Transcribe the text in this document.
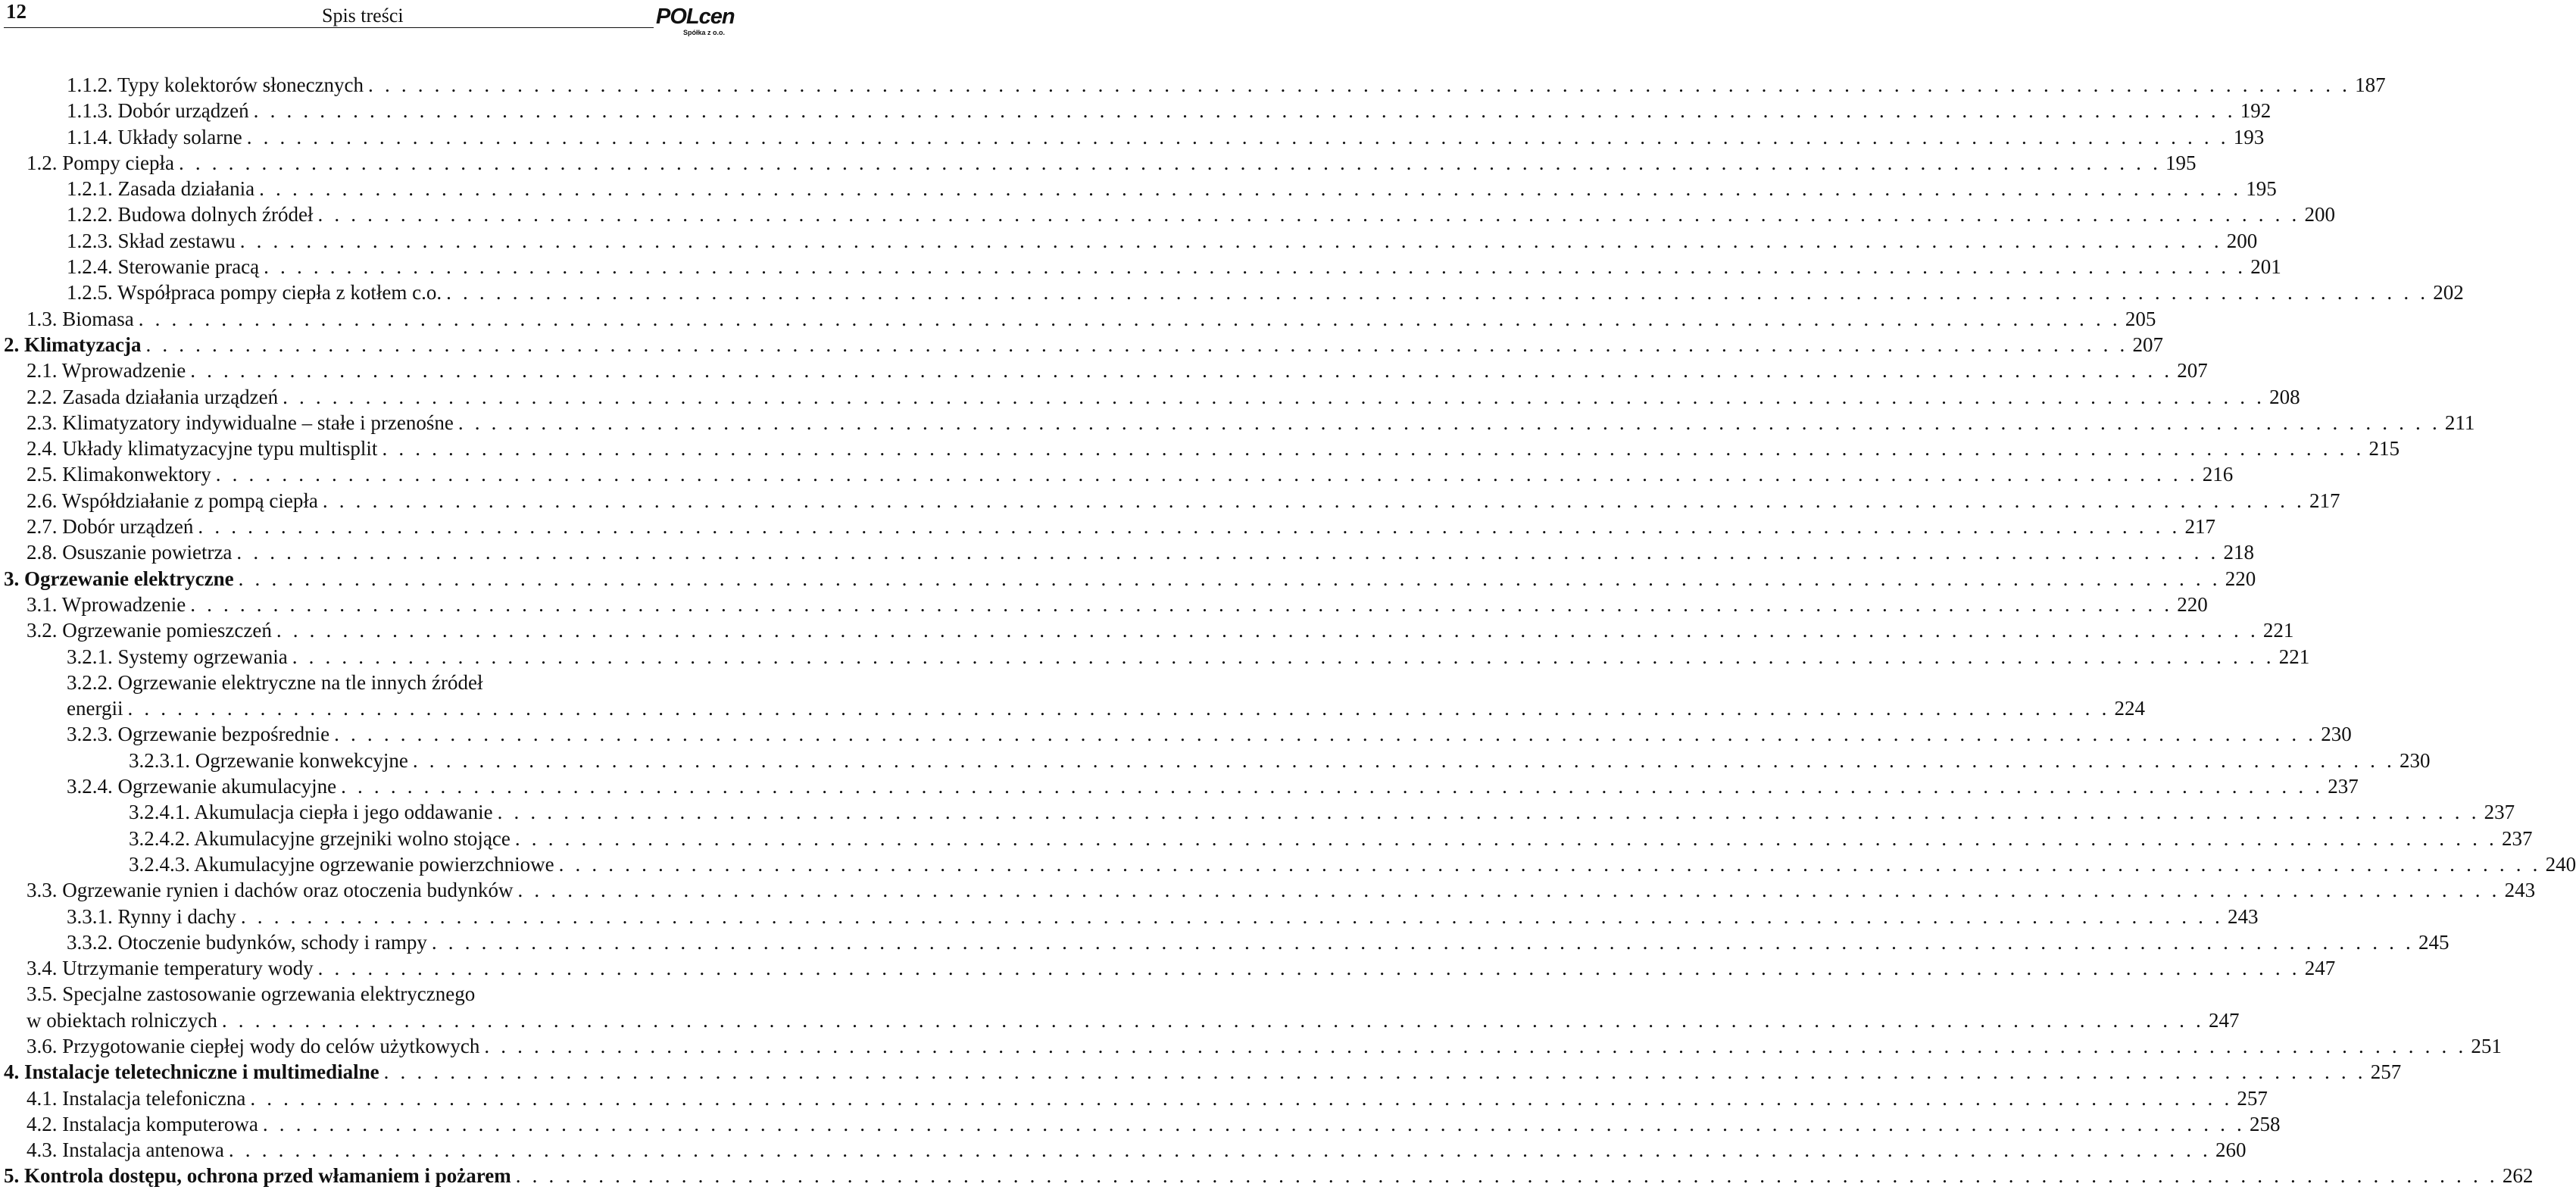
12	Spis treści	POLcen
Spółka z o.o.
1.1.2. Typy kolektorów słonecznych . . . . . . . . . . . . . . . . . . . . . . . . . . . . . . . . . . . . . . . . . . . . . . . . . . . . . . . . . . . . . . . . . . . . . . . . . . . . . . . . . . . . . . . . . . . . . . . . . . . . . . . . . . . . . . . . . . . . . . . . 187
1.1.3. Dobór urządzeń . . . . . . . . . . . . . . . . . . . . . . . . . . . . . . . . . . . . . . . . . . . . . . . . . . . . . . . . . . . . . . . . . . . . . . . . . . . . . . . . . . . . . . . . . . . . . . . . . . . . . . . . . . . . . . . . . . . . . . . . 192
1.1.4. Układy solarne . . . . . . . . . . . . . . . . . . . . . . . . . . . . . . . . . . . . . . . . . . . . . . . . . . . . . . . . . . . . . . . . . . . . . . . . . . . . . . . . . . . . . . . . . . . . . . . . . . . . . . . . . . . . . . . . . . . . . . . . 193
1.2. Pompy ciepła . . . . . . . . . . . . . . . . . . . . . . . . . . . . . . . . . . . . . . . . . . . . . . . . . . . . . . . . . . . . . . . . . . . . . . . . . . . . . . . . . . . . . . . . . . . . . . . . . . . . . . . . . . . . . . . . . . . . . . . . 195
1.2.1. Zasada działania . . . . . . . . . . . . . . . . . . . . . . . . . . . . . . . . . . . . . . . . . . . . . . . . . . . . . . . . . . . . . . . . . . . . . . . . . . . . . . . . . . . . . . . . . . . . . . . . . . . . . . . . . . . . . . . . . . . . . . . . 195
1.2.2. Budowa dolnych źródeł . . . . . . . . . . . . . . . . . . . . . . . . . . . . . . . . . . . . . . . . . . . . . . . . . . . . . . . . . . . . . . . . . . . . . . . . . . . . . . . . . . . . . . . . . . . . . . . . . . . . . . . . . . . . . . . . . . . . . . . . 200
1.2.3. Skład zestawu . . . . . . . . . . . . . . . . . . . . . . . . . . . . . . . . . . . . . . . . . . . . . . . . . . . . . . . . . . . . . . . . . . . . . . . . . . . . . . . . . . . . . . . . . . . . . . . . . . . . . . . . . . . . . . . . . . . . . . . . 200
1.2.4. Sterowanie pracą . . . . . . . . . . . . . . . . . . . . . . . . . . . . . . . . . . . . . . . . . . . . . . . . . . . . . . . . . . . . . . . . . . . . . . . . . . . . . . . . . . . . . . . . . . . . . . . . . . . . . . . . . . . . . . . . . . . . . . . . 201
1.2.5. Współpraca pompy ciepła z kotłem c.o. . . . . . . . . . . . . . . . . . . . . . . . . . . . . . . . . . . . . . . . . . . . . . . . . . . . . . . . . . . . . . . . . . . . . . . . . . . . . . . . . . . . . . . . . . . . . . . . . . . . . . . . . . . . . . . . . . . . . . . . . 202
1.3. Biomasa . . . . . . . . . . . . . . . . . . . . . . . . . . . . . . . . . . . . . . . . . . . . . . . . . . . . . . . . . . . . . . . . . . . . . . . . . . . . . . . . . . . . . . . . . . . . . . . . . . . . . . . . . . . . . . . . . . . . . . . . 205
2. Klimatyzacja . . . . . . . . . . . . . . . . . . . . . . . . . . . . . . . . . . . . . . . . . . . . . . . . . . . . . . . . . . . . . . . . . . . . . . . . . . . . . . . . . . . . . . . . . . . . . . . . . . . . . . . . . . . . . . . . . . . . . . . . 207
2.1. Wprowadzenie . . . . . . . . . . . . . . . . . . . . . . . . . . . . . . . . . . . . . . . . . . . . . . . . . . . . . . . . . . . . . . . . . . . . . . . . . . . . . . . . . . . . . . . . . . . . . . . . . . . . . . . . . . . . . . . . . . . . . . . . 207
2.2. Zasada działania urządzeń . . . . . . . . . . . . . . . . . . . . . . . . . . . . . . . . . . . . . . . . . . . . . . . . . . . . . . . . . . . . . . . . . . . . . . . . . . . . . . . . . . . . . . . . . . . . . . . . . . . . . . . . . . . . . . . . . . . . . . . . 208
2.3. Klimatyzatory indywidualne – stałe i przenośne . . . . . . . . . . . . . . . . . . . . . . . . . . . . . . . . . . . . . . . . . . . . . . . . . . . . . . . . . . . . . . . . . . . . . . . . . . . . . . . . . . . . . . . . . . . . . . . . . . . . . . . . . . . . . . . . . . . . . . . . 211
2.4. Układy klimatyzacyjne typu multisplit . . . . . . . . . . . . . . . . . . . . . . . . . . . . . . . . . . . . . . . . . . . . . . . . . . . . . . . . . . . . . . . . . . . . . . . . . . . . . . . . . . . . . . . . . . . . . . . . . . . . . . . . . . . . . . . . . . . . . . . . 215
2.5. Klimakonwektory . . . . . . . . . . . . . . . . . . . . . . . . . . . . . . . . . . . . . . . . . . . . . . . . . . . . . . . . . . . . . . . . . . . . . . . . . . . . . . . . . . . . . . . . . . . . . . . . . . . . . . . . . . . . . . . . . . . . . . . . 216
2.6. Współdziałanie z pompą ciepła . . . . . . . . . . . . . . . . . . . . . . . . . . . . . . . . . . . . . . . . . . . . . . . . . . . . . . . . . . . . . . . . . . . . . . . . . . . . . . . . . . . . . . . . . . . . . . . . . . . . . . . . . . . . . . . . . . . . . . . . 217
2.7. Dobór urządzeń . . . . . . . . . . . . . . . . . . . . . . . . . . . . . . . . . . . . . . . . . . . . . . . . . . . . . . . . . . . . . . . . . . . . . . . . . . . . . . . . . . . . . . . . . . . . . . . . . . . . . . . . . . . . . . . . . . . . . . . . 217
2.8. Osuszanie powietrza . . . . . . . . . . . . . . . . . . . . . . . . . . . . . . . . . . . . . . . . . . . . . . . . . . . . . . . . . . . . . . . . . . . . . . . . . . . . . . . . . . . . . . . . . . . . . . . . . . . . . . . . . . . . . . . . . . . . . . . . 218
3. Ogrzewanie elektryczne . . . . . . . . . . . . . . . . . . . . . . . . . . . . . . . . . . . . . . . . . . . . . . . . . . . . . . . . . . . . . . . . . . . . . . . . . . . . . . . . . . . . . . . . . . . . . . . . . . . . . . . . . . . . . . . . . . . . . . . . 220
3.1. Wprowadzenie . . . . . . . . . . . . . . . . . . . . . . . . . . . . . . . . . . . . . . . . . . . . . . . . . . . . . . . . . . . . . . . . . . . . . . . . . . . . . . . . . . . . . . . . . . . . . . . . . . . . . . . . . . . . . . . . . . . . . . . . 220
3.2. Ogrzewanie pomieszczeń . . . . . . . . . . . . . . . . . . . . . . . . . . . . . . . . . . . . . . . . . . . . . . . . . . . . . . . . . . . . . . . . . . . . . . . . . . . . . . . . . . . . . . . . . . . . . . . . . . . . . . . . . . . . . . . . . . . . . . . . 221
3.2.1. Systemy ogrzewania . . . . . . . . . . . . . . . . . . . . . . . . . . . . . . . . . . . . . . . . . . . . . . . . . . . . . . . . . . . . . . . . . . . . . . . . . . . . . . . . . . . . . . . . . . . . . . . . . . . . . . . . . . . . . . . . . . . . . . . . 221
3.2.2. Ogrzewanie elektryczne na tle innych źródeł
energii . . . . . . . . . . . . . . . . . . . . . . . . . . . . . . . . . . . . . . . . . . . . . . . . . . . . . . . . . . . . . . . . . . . . . . . . . . . . . . . . . . . . . . . . . . . . . . . . . . . . . . . . . . . . . . . . . . . . . . . . 224
3.2.3. Ogrzewanie bezpośrednie . . . . . . . . . . . . . . . . . . . . . . . . . . . . . . . . . . . . . . . . . . . . . . . . . . . . . . . . . . . . . . . . . . . . . . . . . . . . . . . . . . . . . . . . . . . . . . . . . . . . . . . . . . . . . . . . . . . . . . . . 230
3.2.3.1. Ogrzewanie konwekcyjne . . . . . . . . . . . . . . . . . . . . . . . . . . . . . . . . . . . . . . . . . . . . . . . . . . . . . . . . . . . . . . . . . . . . . . . . . . . . . . . . . . . . . . . . . . . . . . . . . . . . . . . . . . . . . . . . . . . . . . . . 230
3.2.4. Ogrzewanie akumulacyjne . . . . . . . . . . . . . . . . . . . . . . . . . . . . . . . . . . . . . . . . . . . . . . . . . . . . . . . . . . . . . . . . . . . . . . . . . . . . . . . . . . . . . . . . . . . . . . . . . . . . . . . . . . . . . . . . . . . . . . . . 237
3.2.4.1. Akumulacja ciepła i jego oddawanie . . . . . . . . . . . . . . . . . . . . . . . . . . . . . . . . . . . . . . . . . . . . . . . . . . . . . . . . . . . . . . . . . . . . . . . . . . . . . . . . . . . . . . . . . . . . . . . . . . . . . . . . . . . . . . . . . . . . . . . . 237
3.2.4.2. Akumulacyjne grzejniki wolno stojące . . . . . . . . . . . . . . . . . . . . . . . . . . . . . . . . . . . . . . . . . . . . . . . . . . . . . . . . . . . . . . . . . . . . . . . . . . . . . . . . . . . . . . . . . . . . . . . . . . . . . . . . . . . . . . . . . . . . . . . . 237
3.2.4.3. Akumulacyjne ogrzewanie powierzchniowe . . . . . . . . . . . . . . . . . . . . . . . . . . . . . . . . . . . . . . . . . . . . . . . . . . . . . . . . . . . . . . . . . . . . . . . . . . . . . . . . . . . . . . . . . . . . . . . . . . . . . . . . . . . . . . . . . . . . . . . . 240
3.3. Ogrzewanie rynien i dachów oraz otoczenia budynków . . . . . . . . . . . . . . . . . . . . . . . . . . . . . . . . . . . . . . . . . . . . . . . . . . . . . . . . . . . . . . . . . . . . . . . . . . . . . . . . . . . . . . . . . . . . . . . . . . . . . . . . . . . . . . . . . . . . . . . . 243
3.3.1. Rynny i dachy . . . . . . . . . . . . . . . . . . . . . . . . . . . . . . . . . . . . . . . . . . . . . . . . . . . . . . . . . . . . . . . . . . . . . . . . . . . . . . . . . . . . . . . . . . . . . . . . . . . . . . . . . . . . . . . . . . . . . . . . 243
3.3.2. Otoczenie budynków, schody i rampy . . . . . . . . . . . . . . . . . . . . . . . . . . . . . . . . . . . . . . . . . . . . . . . . . . . . . . . . . . . . . . . . . . . . . . . . . . . . . . . . . . . . . . . . . . . . . . . . . . . . . . . . . . . . . . . . . . . . . . . . 245
3.4. Utrzymanie temperatury wody . . . . . . . . . . . . . . . . . . . . . . . . . . . . . . . . . . . . . . . . . . . . . . . . . . . . . . . . . . . . . . . . . . . . . . . . . . . . . . . . . . . . . . . . . . . . . . . . . . . . . . . . . . . . . . . . . . . . . . . . 247
3.5. Specjalne zastosowanie ogrzewania elektrycznego
w obiektach rolniczych . . . . . . . . . . . . . . . . . . . . . . . . . . . . . . . . . . . . . . . . . . . . . . . . . . . . . . . . . . . . . . . . . . . . . . . . . . . . . . . . . . . . . . . . . . . . . . . . . . . . . . . . . . . . . . . . . . . . . . . . 247
3.6. Przygotowanie ciepłej wody do celów użytkowych . . . . . . . . . . . . . . . . . . . . . . . . . . . . . . . . . . . . . . . . . . . . . . . . . . . . . . . . . . . . . . . . . . . . . . . . . . . . . . . . . . . . . . . . . . . . . . . . . . . . . . . . . . . . . . . . . . . . . . . . 251
4. Instalacje teletechniczne i multimedialne . . . . . . . . . . . . . . . . . . . . . . . . . . . . . . . . . . . . . . . . . . . . . . . . . . . . . . . . . . . . . . . . . . . . . . . . . . . . . . . . . . . . . . . . . . . . . . . . . . . . . . . . . . . . . . . . . . . . . . . . 257
4.1. Instalacja telefoniczna . . . . . . . . . . . . . . . . . . . . . . . . . . . . . . . . . . . . . . . . . . . . . . . . . . . . . . . . . . . . . . . . . . . . . . . . . . . . . . . . . . . . . . . . . . . . . . . . . . . . . . . . . . . . . . . . . . . . . . . . 257
4.2. Instalacja komputerowa . . . . . . . . . . . . . . . . . . . . . . . . . . . . . . . . . . . . . . . . . . . . . . . . . . . . . . . . . . . . . . . . . . . . . . . . . . . . . . . . . . . . . . . . . . . . . . . . . . . . . . . . . . . . . . . . . . . . . . . . 258
4.3. Instalacja antenowa . . . . . . . . . . . . . . . . . . . . . . . . . . . . . . . . . . . . . . . . . . . . . . . . . . . . . . . . . . . . . . . . . . . . . . . . . . . . . . . . . . . . . . . . . . . . . . . . . . . . . . . . . . . . . . . . . . . . . . . . 260
5. Kontrola dostępu, ochrona przed włamaniem i pożarem . . . . . . . . . . . . . . . . . . . . . . . . . . . . . . . . . . . . . . . . . . . . . . . . . . . . . . . . . . . . . . . . . . . . . . . . . . . . . . . . . . . . . . . . . . . . . . . . . . . . . . . . . . . . . . . . . . . . . . . . 262
